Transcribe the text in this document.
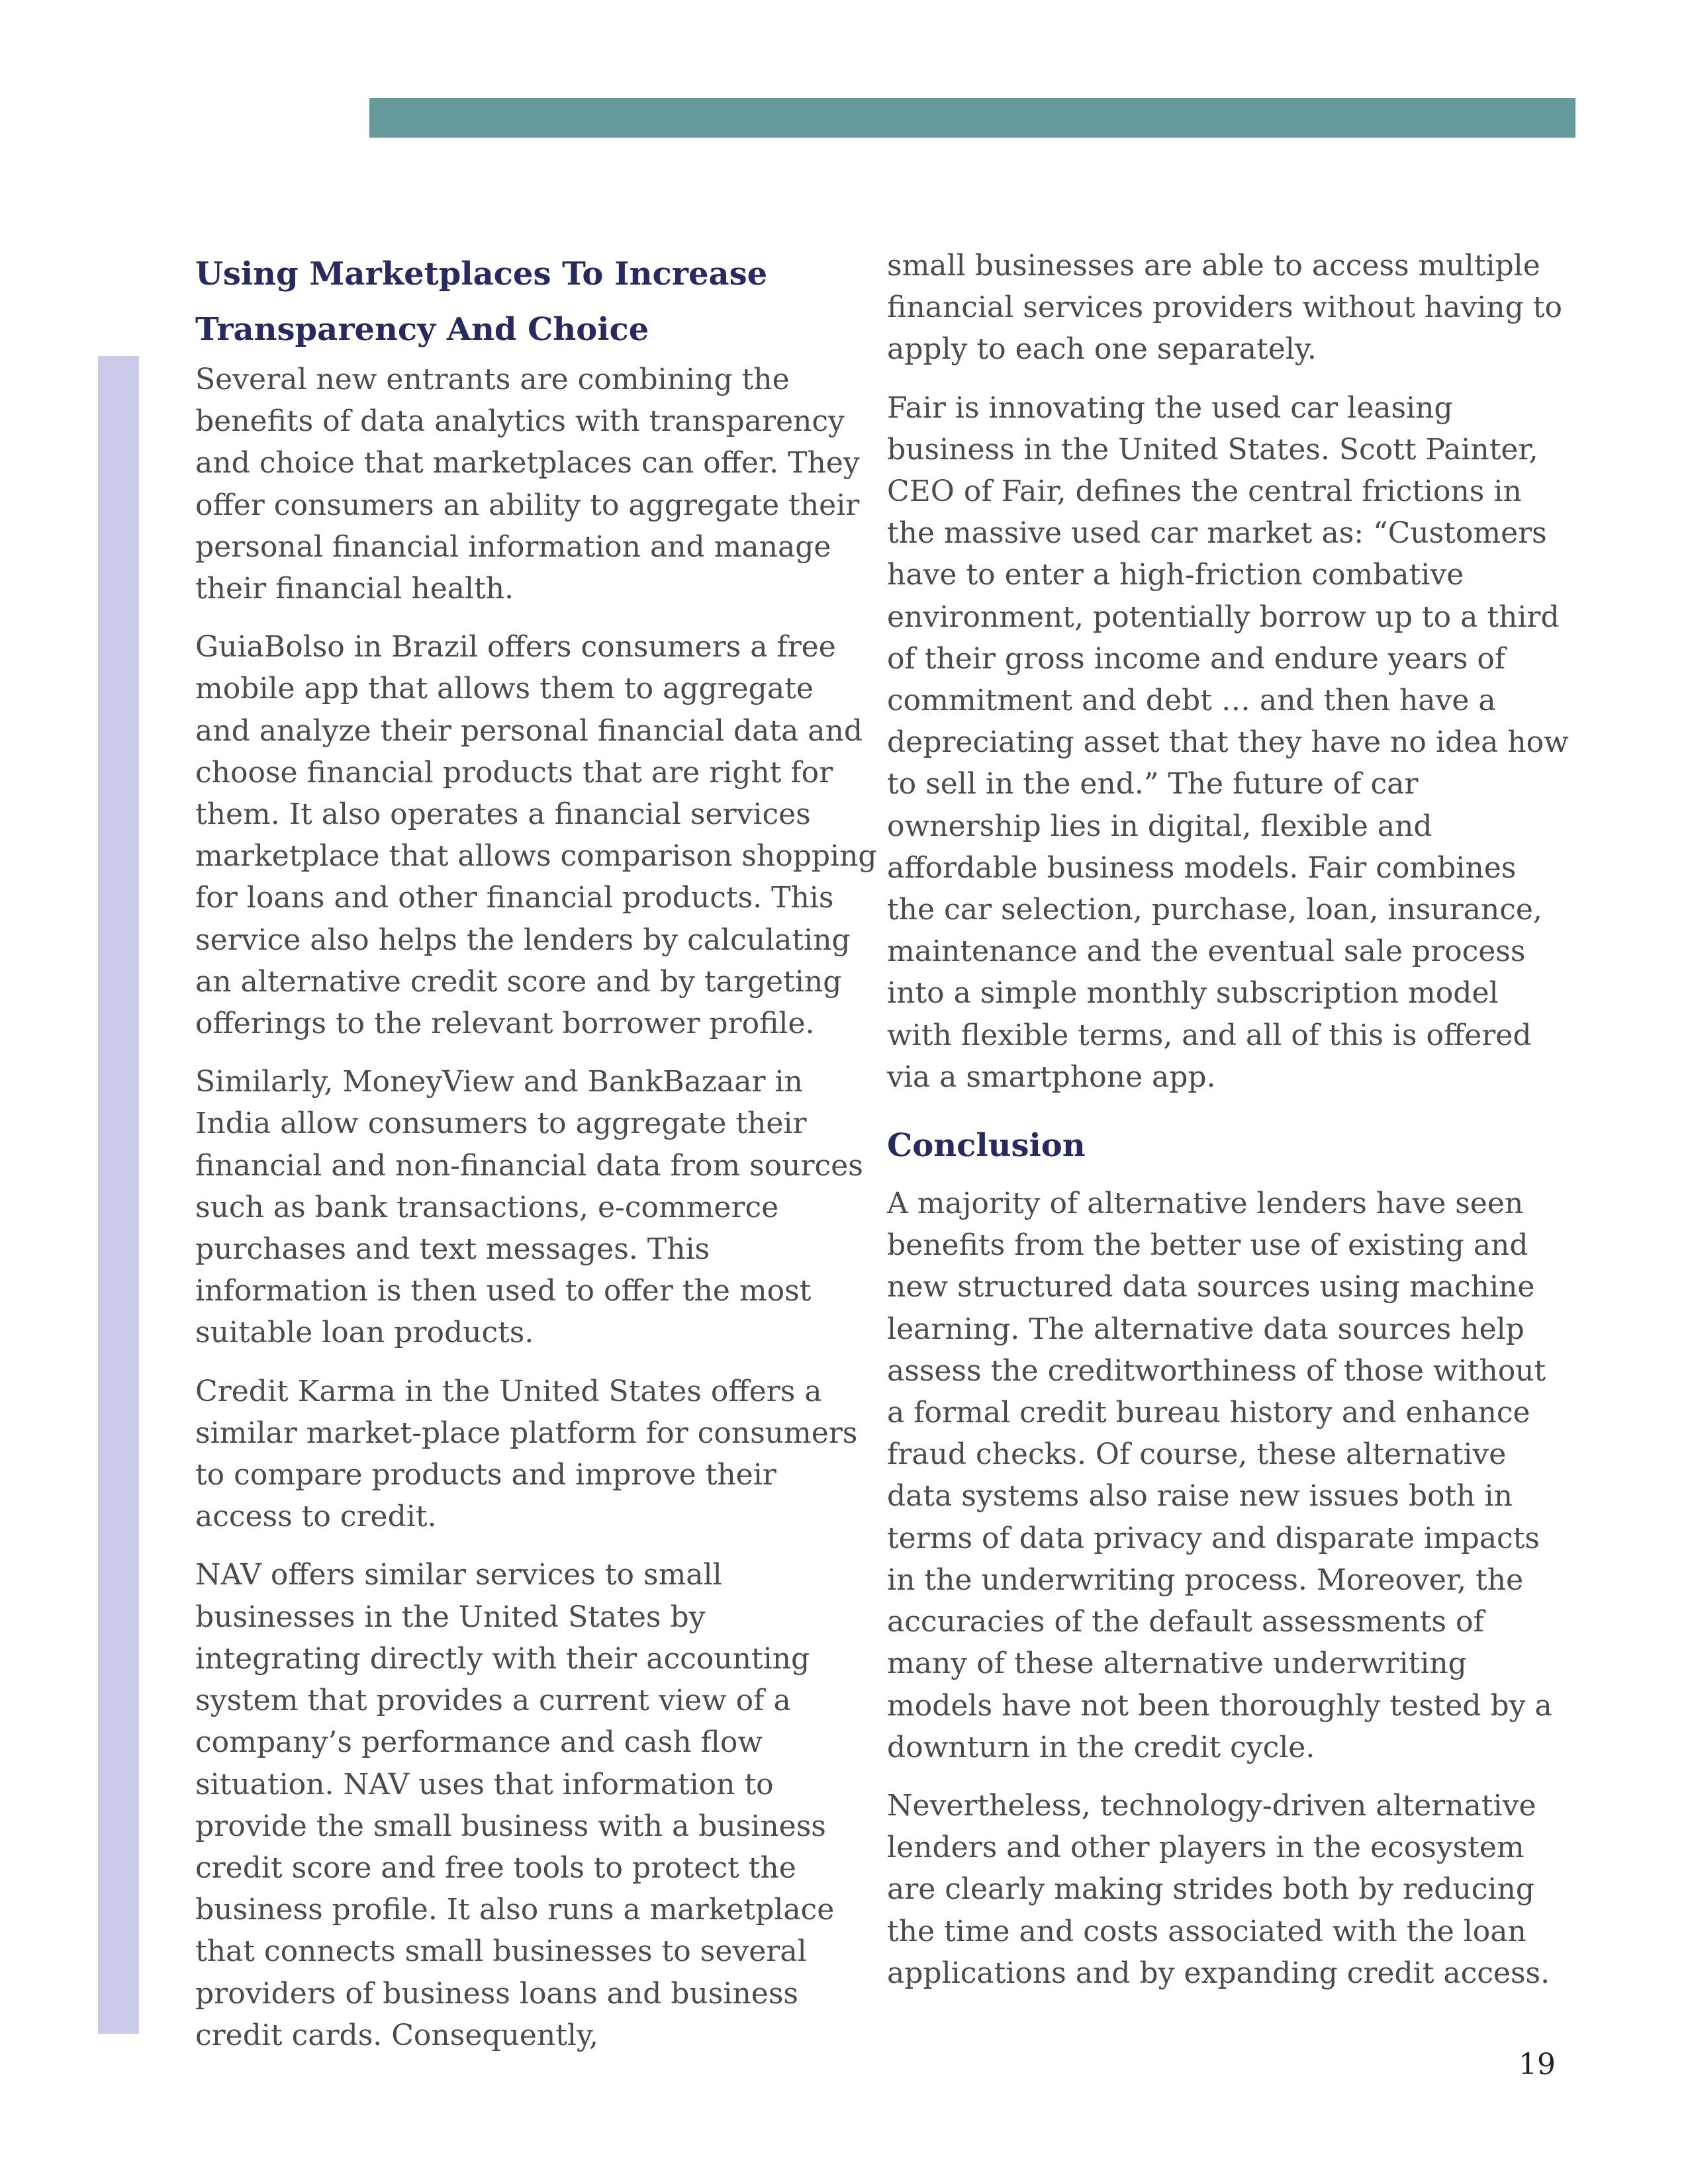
Using Marketplaces To Increase Transparency And Choice

Several new entrants are combining the benefits of data analytics with transparency and choice that marketplaces can offer. They offer consumers an ability to aggregate their personal financial information and manage their financial health.

GuiaBolso in Brazil offers consumers a free mobile app that allows them to aggregate and analyze their personal financial data and choose financial products that are right for them. It also operates a financial services marketplace that allows comparison shopping for loans and other financial products. This service also helps the lenders by calculating an alternative credit score and by targeting offerings to the relevant borrower profile.

Similarly, MoneyView and BankBazaar in India allow consumers to aggregate their financial and non-financial data from sources such as bank transactions, e-commerce purchases and text messages. This information is then used to offer the most suitable loan products.

Credit Karma in the United States offers a similar market-place platform for consumers to compare products and improve their access to credit.

NAV offers similar services to small businesses in the United States by integrating directly with their accounting system that provides a current view of a company’s performance and cash flow situation. NAV uses that information to provide the small business with a business credit score and free tools to protect the business profile. It also runs a marketplace that connects small businesses to several providers of business loans and business credit cards. Consequently,

small businesses are able to access multiple financial services providers without having to apply to each one separately.

Fair is innovating the used car leasing business in the United States. Scott Painter, CEO of Fair, defines the central frictions in the massive used car market as: “Customers have to enter a high-friction combative environment, potentially borrow up to a third of their gross income and endure years of commitment and debt … and then have a depreciating asset that they have no idea how to sell in the end.” The future of car ownership lies in digital, flexible and affordable business models. Fair combines the car selection, purchase, loan, insurance, maintenance and the eventual sale process into a simple monthly subscription model with flexible terms, and all of this is offered via a smartphone app.

Conclusion

A majority of alternative lenders have seen benefits from the better use of existing and new structured data sources using machine learning. The alternative data sources help assess the creditworthiness of those without a formal credit bureau history and enhance fraud checks. Of course, these alternative data systems also raise new issues both in terms of data privacy and disparate impacts in the underwriting process. Moreover, the accuracies of the default assessments of many of these alternative underwriting models have not been thoroughly tested by a downturn in the credit cycle.

Nevertheless, technology-driven alternative lenders and other players in the ecosystem are clearly making strides both by reducing the time and costs associated with the loan applications and by expanding credit access.

19
